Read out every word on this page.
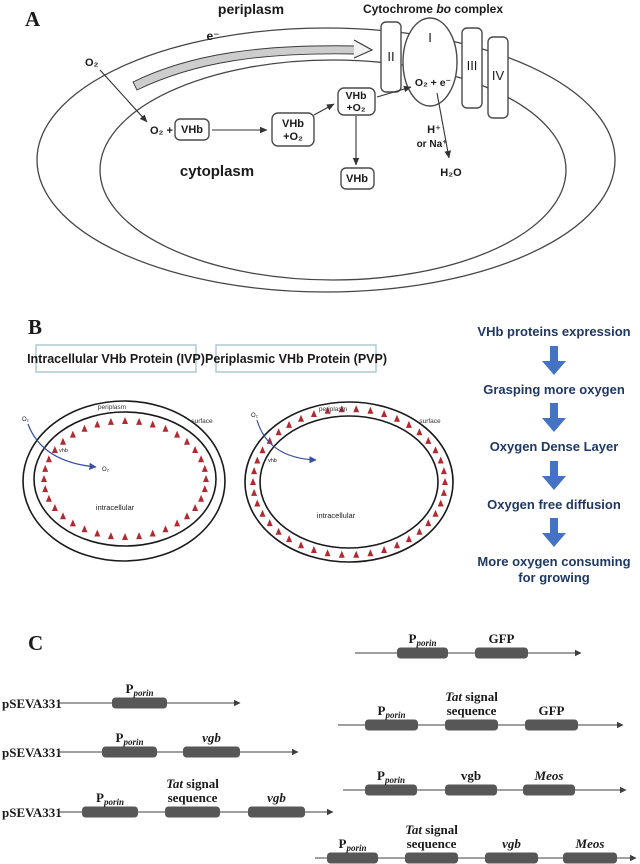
A	periplasm	Cytochrome bo complex
e⁻
II
I
III
IV
O₂ + e⁻
O₂
O₂ + VHb	VHb
+O₂
VHb
+O₂
VHb
H⁺
or Na⁺
H₂O
cytoplasm
B
Intracellular VHb Protein (IVP) Periplasmic VHb Protein (PVP)
periplasm
surface
intracellular
vhb
O₂
O₂
periplasm
surface
intracellular
vhb
O₂
VHb proteins expression
Grasping more oxygen
Oxygen Dense Layer
Oxygen free diffusion
More oxygen consuming for growing
C
pSEVA331
$P_{porin}$
pSEVA331
$P_{porin}$	vgb
pSEVA331
$P_{porin}$
Tat signal
sequence	vgb
$P_{porin}$	GFP
$P_{porin}$
Tat signal
sequence	GFP
$P_{porin}$	vgb	Meos
$P_{porin}$
Tat signal
sequence	vgb	Meos
